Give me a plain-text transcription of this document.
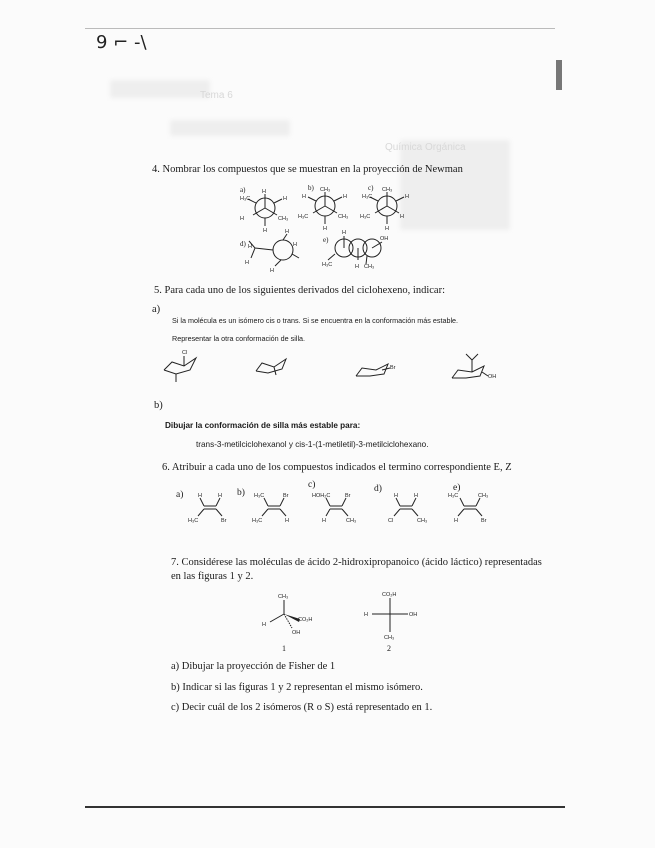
Tema 6
Química Orgánica
9 ⌐ -\
4. Nombrar los compuestos que se muestran en la proyección de Newman
a)	b)	c)
d)	e)
H
H₃C	H
H	CH₃
H
CH₃
H	H
H₃C	CH₃
H
CH₃
H₃C	H
H₃C	H
H
H
H
H
H
H
H₃C
OH
H
H CH₃
5. Para cada uno de los siguientes derivados del ciclohexeno, indicar:
a)
Si la molécula es un isómero cis o trans. Si se encuentra en la conformación más estable.
Representar la otra conformación de silla.
Cl
Br
OH
b)
Dibujar la conformación de silla más estable para:
trans-3-metilciclohexanol y cis-1-(1-metiletil)-3-metilciclohexano.
6. Atribuir a cada uno de los compuestos indicados el termino correspondiente E, Z
a)	b)
c)	d)	e)
H	H
H₃C	Br
H₃C	Br
H₃C	H
HOH₂C	Br
H	CH₃
H	H
Cl	CH₃
H₃C	CH₃
H	Br
7. Considérese las moléculas de ácido 2-hidroxipropanoico (ácido láctico) representadas
en las figuras 1 y 2.
CH₃
H
CO₂H
OH
1
CO₂H
H	OH
CH₃
2
a) Dibujar la proyección de Fisher de 1
b) Indicar si las figuras 1 y 2 representan el mismo isómero.
c) Decir cuál de los 2 isómeros (R o S) está representado en 1.
